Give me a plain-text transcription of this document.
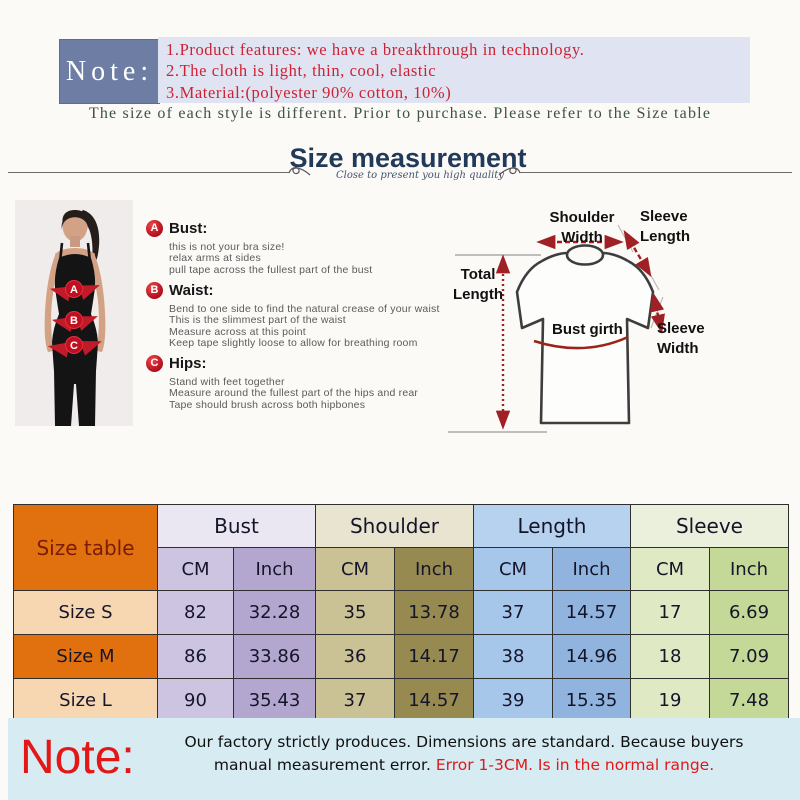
Note:
1.Product features: we have a breakthrough in technology.
2.The cloth is light, thin, cool, elastic
3.Material:(polyester 90% cotton, 10%)
The size of each style is different. Prior to purchase. Please refer to the Size table
Size measurement
Close to present you high quality
A
B
C
A Bust:
this is not your bra size!
relax arms at sides
pull tape across the fullest part of the bust
B Waist:
Bend to one side to find the natural crease of your waist
This is the slimmest part of the waist
Measure across at this point
Keep tape slightly loose to allow for breathing room
C Hips:
Stand with feet together
Measure around the fullest part of the hips and rear
Tape should brush across both hipbones
Shoulder Width
Sleeve
Length
Total
Length
Bust girth Sleeve
Width
Size table	Bust		Shoulder		Length		Sleeve	
	CM	Inch	CM	Inch	CM	Inch	CM	Inch
Size S	82	32.28	35	13.78	37	14.57	17	6.69
Size M	86	33.86	36	14.17	38	14.96	18	7.09
Size L	90	35.43	37	14.57	39	15.35	19	7.48
Note:	Our factory strictly produces. Dimensions are standard. Because buyers manual measurement error. Error 1-3CM. Is in the normal range.
